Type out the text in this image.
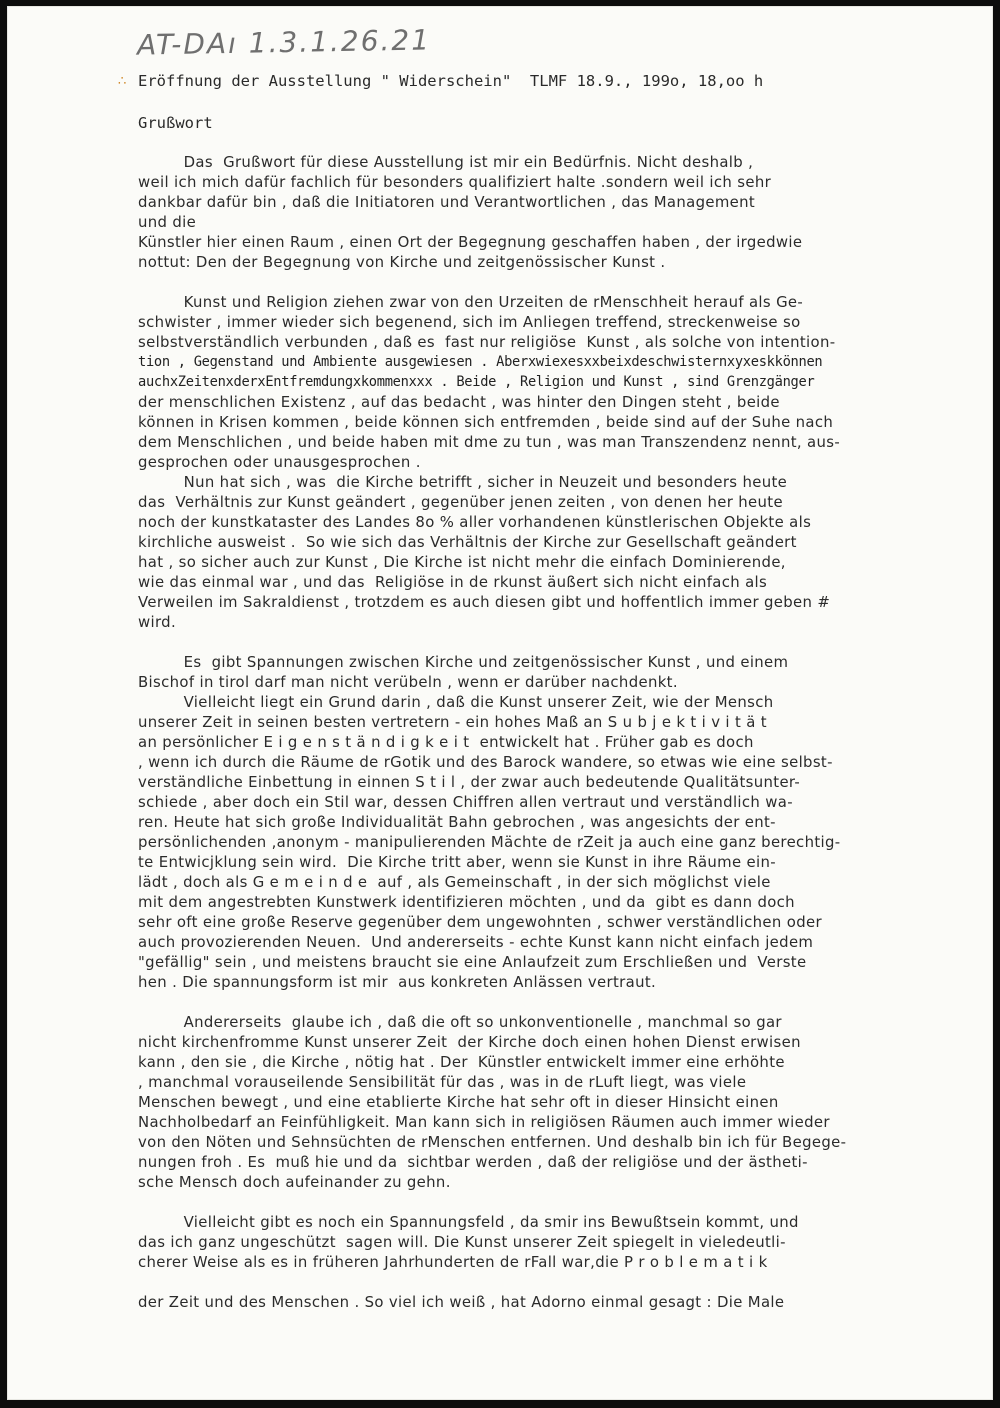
AT-DAı 1.3.1.26.21
∴ Eröffnung der Ausstellung " Widerschein"  TLMF 18.9., 199o, 18,oo h
Grußwort
Das  Grußwort für diese Ausstellung ist mir ein Bedürfnis. Nicht deshalb ,
weil ich mich dafür fachlich für besonders qualifiziert halte .sondern weil ich sehr
dankbar dafür bin , daß die Initiatoren und Verantwortlichen , das Management
und die
Künstler hier einen Raum , einen Ort der Begegnung geschaffen haben , der irgedwie
nottut: Den der Begegnung von Kirche und zeitgenössischer Kunst .
Kunst und Religion ziehen zwar von den Urzeiten de rMenschheit herauf als Ge-
schwister , immer wieder sich begenend, sich im Anliegen treffend, streckenweise so
selbstverständlich verbunden , daß es  fast nur religiöse  Kunst , als solche von intention-
tion , Gegenstand und Ambiente ausgewiesen . Aberxwiexesxxbeixdeschwisternxyxeskkönnen
auchxZeitenxderxEntfremdungxkommenxxx . Beide , Religion und Kunst , sind Grenzgänger
der menschlichen Existenz , auf das bedacht , was hinter den Dingen steht , beide
können in Krisen kommen , beide können sich entfremden , beide sind auf der Suhe nach
dem Menschlichen , und beide haben mit dme zu tun , was man Transzendenz nennt, aus-
gesprochen oder unausgesprochen .
Nun hat sich , was  die Kirche betrifft , sicher in Neuzeit und besonders heute
das  Verhältnis zur Kunst geändert , gegenüber jenen zeiten , von denen her heute
noch der kunstkataster des Landes 8o % aller vorhandenen künstlerischen Objekte als
kirchliche ausweist .  So wie sich das Verhältnis der Kirche zur Gesellschaft geändert
hat , so sicher auch zur Kunst , Die Kirche ist nicht mehr die einfach Dominierende,
wie das einmal war , und das  Religiöse in de rkunst äußert sich nicht einfach als
Verweilen im Sakraldienst , trotzdem es auch diesen gibt und hoffentlich immer geben #
wird.
Es  gibt Spannungen zwischen Kirche und zeitgenössischer Kunst , und einem
Bischof in tirol darf man nicht verübeln , wenn er darüber nachdenkt.
Vielleicht liegt ein Grund darin , daß die Kunst unserer Zeit, wie der Mensch
unserer Zeit in seinen besten vertretern - ein hohes Maß an S u b j e k t i v i t ä t
an persönlicher E i g e n s t ä n d i g k e i t  entwickelt hat . Früher gab es doch
, wenn ich durch die Räume de rGotik und des Barock wandere, so etwas wie eine selbst-
verständliche Einbettung in einnen S t i l , der zwar auch bedeutende Qualitätsunter-
schiede , aber doch ein Stil war, dessen Chiffren allen vertraut und verständlich wa-
ren. Heute hat sich große Individualität Bahn gebrochen , was angesichts der ent-
persönlichenden ,anonym - manipulierenden Mächte de rZeit ja auch eine ganz berechtig-
te Entwicjklung sein wird.  Die Kirche tritt aber, wenn sie Kunst in ihre Räume ein-
lädt , doch als G e m e i n d e  auf , als Gemeinschaft , in der sich möglichst viele
mit dem angestrebten Kunstwerk identifizieren möchten , und da  gibt es dann doch
sehr oft eine große Reserve gegenüber dem ungewohnten , schwer verständlichen oder
auch provozierenden Neuen.  Und andererseits - echte Kunst kann nicht einfach jedem
"gefällig" sein , und meistens braucht sie eine Anlaufzeit zum Erschließen und  Verste
hen . Die spannungsform ist mir  aus konkreten Anlässen vertraut.
Andererseits  glaube ich , daß die oft so unkonventionelle , manchmal so gar
nicht kirchenfromme Kunst unserer Zeit  der Kirche doch einen hohen Dienst erwisen
kann , den sie , die Kirche , nötig hat . Der  Künstler entwickelt immer eine erhöhte
, manchmal vorauseilende Sensibilität für das , was in de rLuft liegt, was viele
Menschen bewegt , und eine etablierte Kirche hat sehr oft in dieser Hinsicht einen
Nachholbedarf an Feinfühligkeit. Man kann sich in religiösen Räumen auch immer wieder
von den Nöten und Sehnsüchten de rMenschen entfernen. Und deshalb bin ich für Begege-
nungen froh . Es  muß hie und da  sichtbar werden , daß der religiöse und der ästheti-
sche Mensch doch aufeinander zu gehn.
Vielleicht gibt es noch ein Spannungsfeld , da smir ins Bewußtsein kommt, und
das ich ganz ungeschützt  sagen will. Die Kunst unserer Zeit spiegelt in vieledeutli-
cherer Weise als es in früheren Jahrhunderten de rFall war,die P r o b l e m a t i k
der Zeit und des Menschen . So viel ich weiß , hat Adorno einmal gesagt : Die Male
